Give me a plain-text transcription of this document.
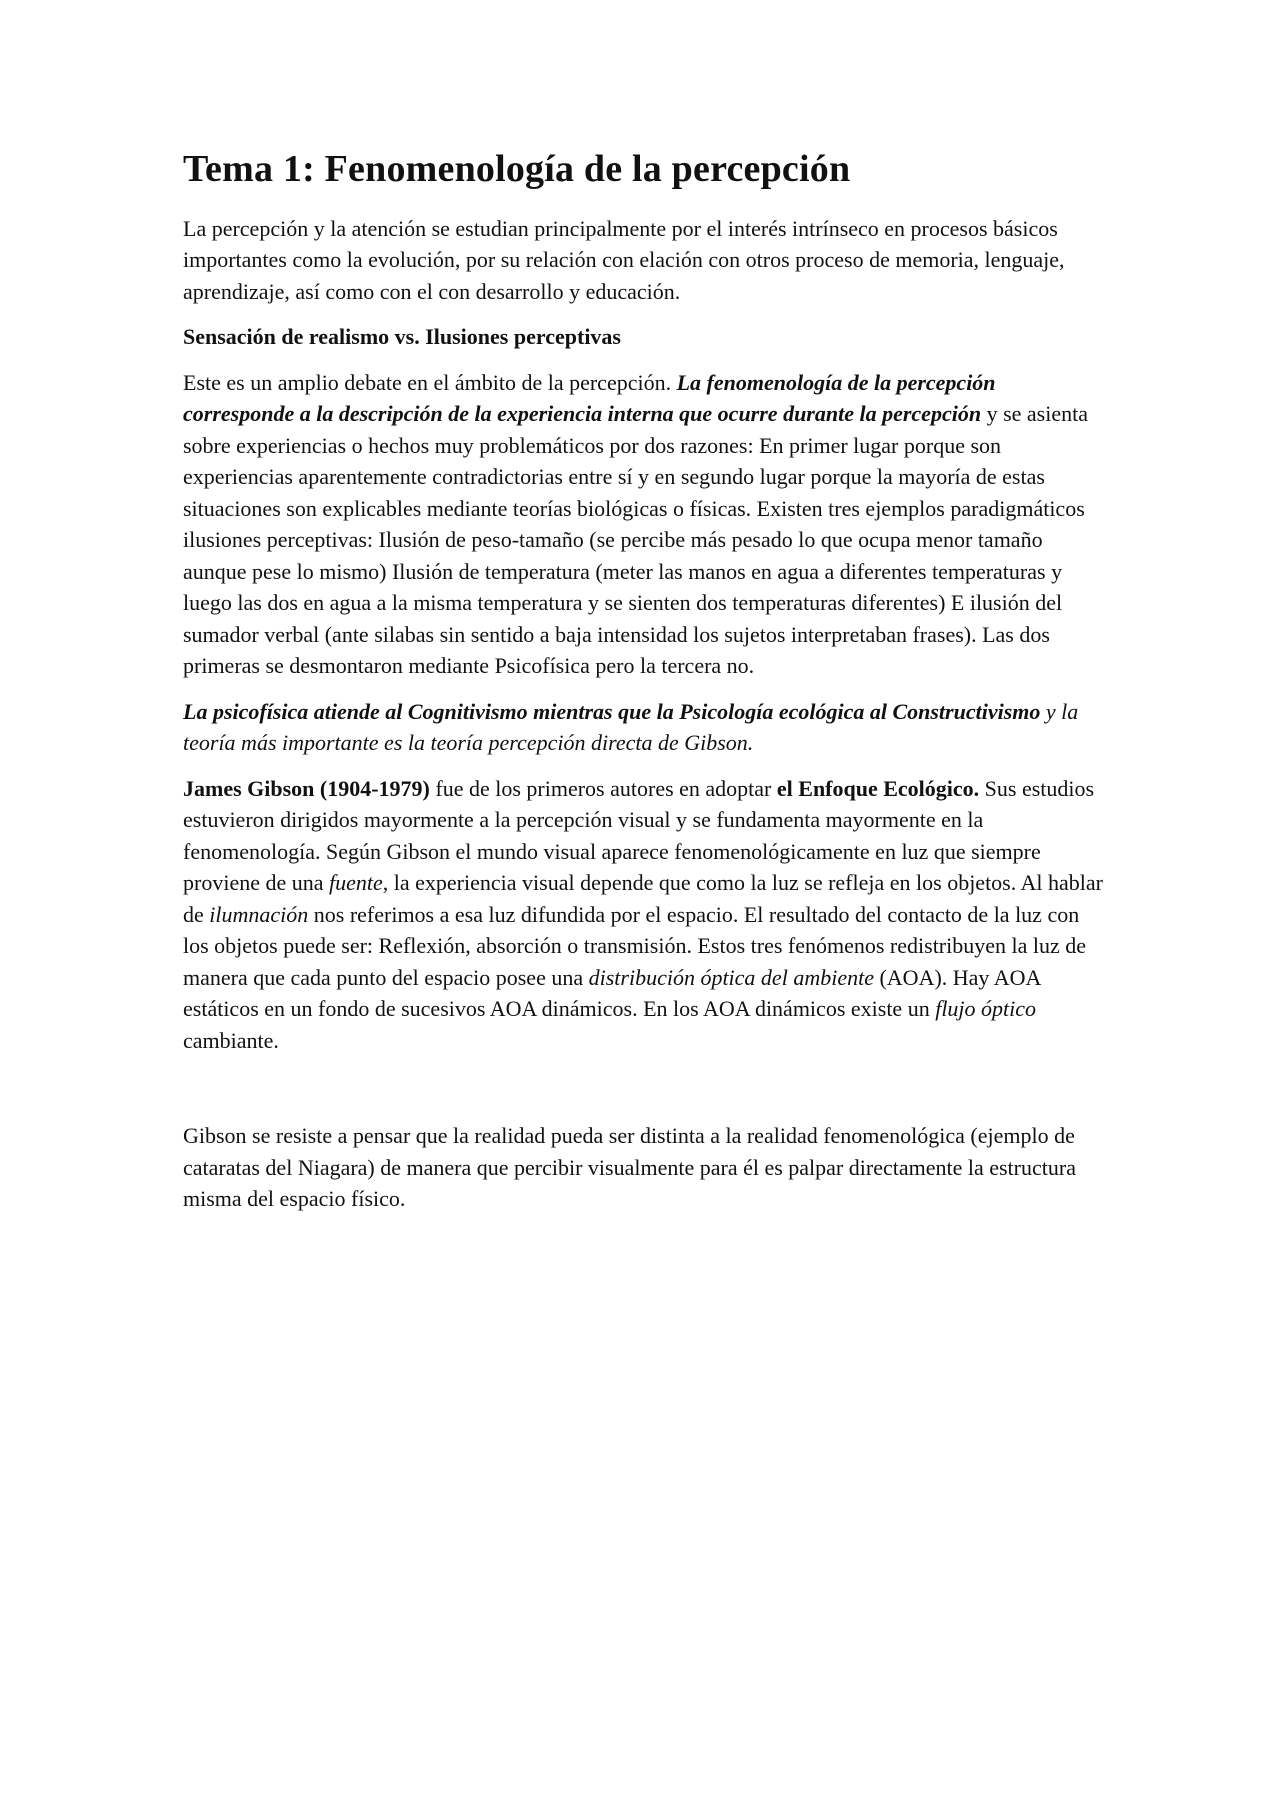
Tema 1: Fenomenología de la percepción

La percepción y la atención se estudian principalmente por el interés intrínseco en procesos básicos importantes como la evolución, por su relación con elación con otros proceso de memoria, lenguaje, aprendizaje, así como con el con desarrollo y educación.

Sensación de realismo vs. Ilusiones perceptivas

Este es un amplio debate en el ámbito de la percepción. La fenomenología de la percepción corresponde a la descripción de la experiencia interna que ocurre durante la percepción y se asienta sobre experiencias o hechos muy problemáticos por dos razones: En primer lugar porque son experiencias aparentemente contradictorias entre sí y en segundo lugar porque la mayoría de estas situaciones son explicables mediante teorías biológicas o físicas. Existen tres ejemplos paradigmáticos ilusiones perceptivas: Ilusión de peso-tamaño (se percibe más pesado lo que ocupa menor tamaño aunque pese lo mismo) Ilusión de temperatura (meter las manos en agua a diferentes temperaturas y luego las dos en agua a la misma temperatura y se sienten dos temperaturas diferentes) E ilusión del sumador verbal (ante silabas sin sentido a baja intensidad los sujetos interpretaban frases). Las dos primeras se desmontaron mediante Psicofísica pero la tercera no.

La psicofísica atiende al Cognitivismo mientras que la Psicología ecológica al Constructivismo y la teoría más importante es la teoría percepción directa de Gibson.

James Gibson (1904-1979) fue de los primeros autores en adoptar el Enfoque Ecológico. Sus estudios estuvieron dirigidos mayormente a la percepción visual y se fundamenta mayormente en la fenomenología. Según Gibson el mundo visual aparece fenomenológicamente en luz que siempre proviene de una fuente, la experiencia visual depende que como la luz se refleja en los objetos. Al hablar de ilumnación nos referimos a esa luz difundida por el espacio. El resultado del contacto de la luz con los objetos puede ser: Reflexión, absorción o transmisión. Estos tres fenómenos redistribuyen la luz de manera que cada punto del espacio posee una distribución óptica del ambiente (AOA). Hay AOA estáticos en un fondo de sucesivos AOA dinámicos. En los AOA dinámicos existe un flujo óptico cambiante.

Gibson se resiste a pensar que la realidad pueda ser distinta a la realidad fenomenológica (ejemplo de cataratas del Niagara) de manera que percibir visualmente para él es palpar directamente la estructura misma del espacio físico.
